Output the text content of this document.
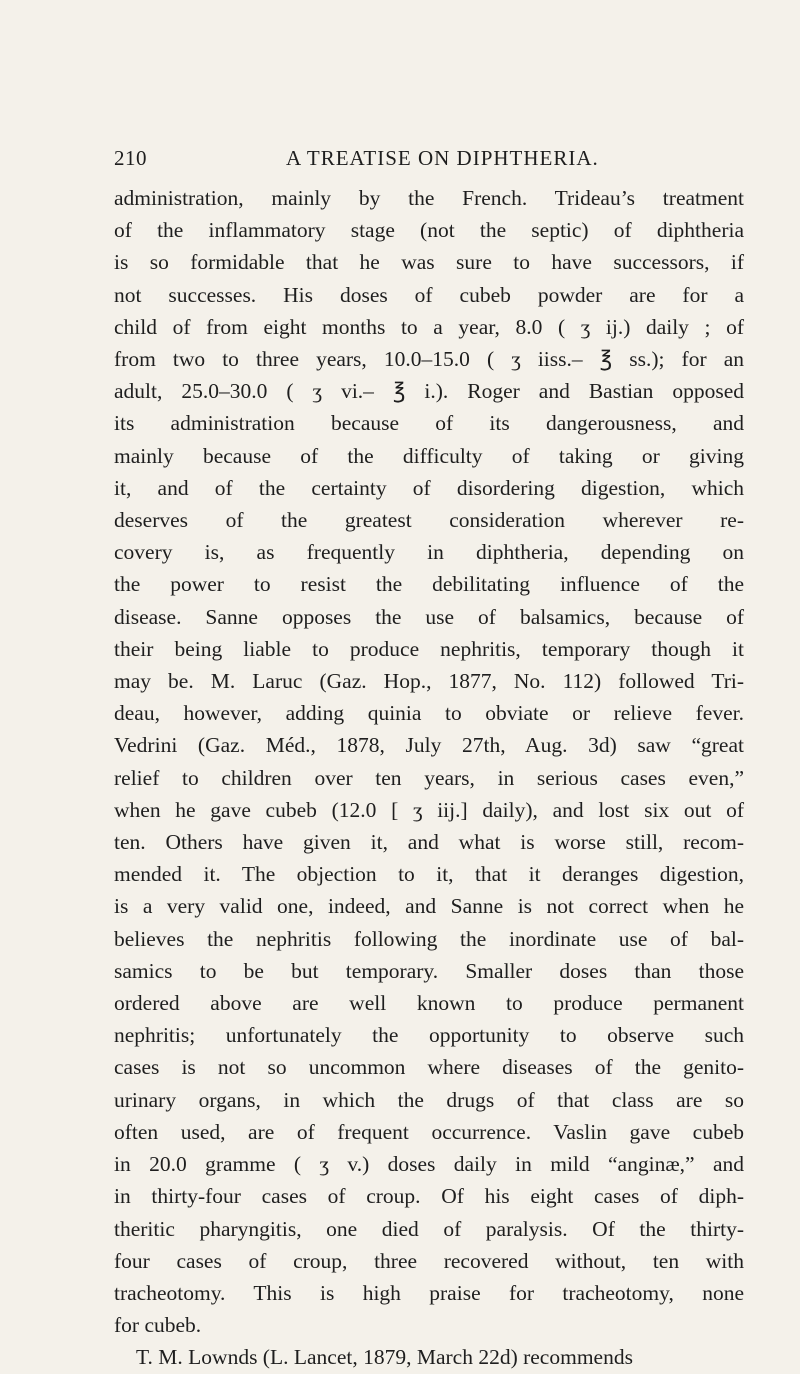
210	A TREATISE ON DIPHTHERIA.
administration, mainly by the French. Trideau’s treatment
of the inflammatory stage (not the septic) of diphtheria
is so formidable that he was sure to have successors, if
not successes. His doses of cubeb powder are for a
child of from eight months to a year, 8.0 ( ʒ ij.) daily ; of
from two to three years, 10.0–15.0 ( ʒ iiss.– ℥ ss.); for an
adult, 25.0–30.0 ( ʒ vi.– ℥ i.). Roger and Bastian opposed
its administration because of its dangerousness, and
mainly because of the difficulty of taking or giving
it, and of the certainty of disordering digestion, which
deserves of the greatest consideration wherever re-
covery is, as frequently in diphtheria, depending on
the power to resist the debilitating influence of the
disease. Sanne opposes the use of balsamics, because of
their being liable to produce nephritis, temporary though it
may be. M. Laruc (Gaz. Hop., 1877, No. 112) followed Tri-
deau, however, adding quinia to obviate or relieve fever.
Vedrini (Gaz. Méd., 1878, July 27th, Aug. 3d) saw “great
relief to children over ten years, in serious cases even,”
when he gave cubeb (12.0 [ ʒ iij.] daily), and lost six out of
ten. Others have given it, and what is worse still, recom-
mended it. The objection to it, that it deranges digestion,
is a very valid one, indeed, and Sanne is not correct when he
believes the nephritis following the inordinate use of bal-
samics to be but temporary. Smaller doses than those
ordered above are well known to produce permanent
nephritis; unfortunately the opportunity to observe such
cases is not so uncommon where diseases of the genito-
urinary organs, in which the drugs of that class are so
often used, are of frequent occurrence. Vaslin gave cubeb
in 20.0 gramme ( ʒ v.) doses daily in mild “anginæ,” and
in thirty-four cases of croup. Of his eight cases of diph-
theritic pharyngitis, one died of paralysis. Of the thirty-
four cases of croup, three recovered without, ten with
tracheotomy. This is high praise for tracheotomy, none
for cubeb.
T. M. Lownds (L. Lancet, 1879, March 22d) recommends
